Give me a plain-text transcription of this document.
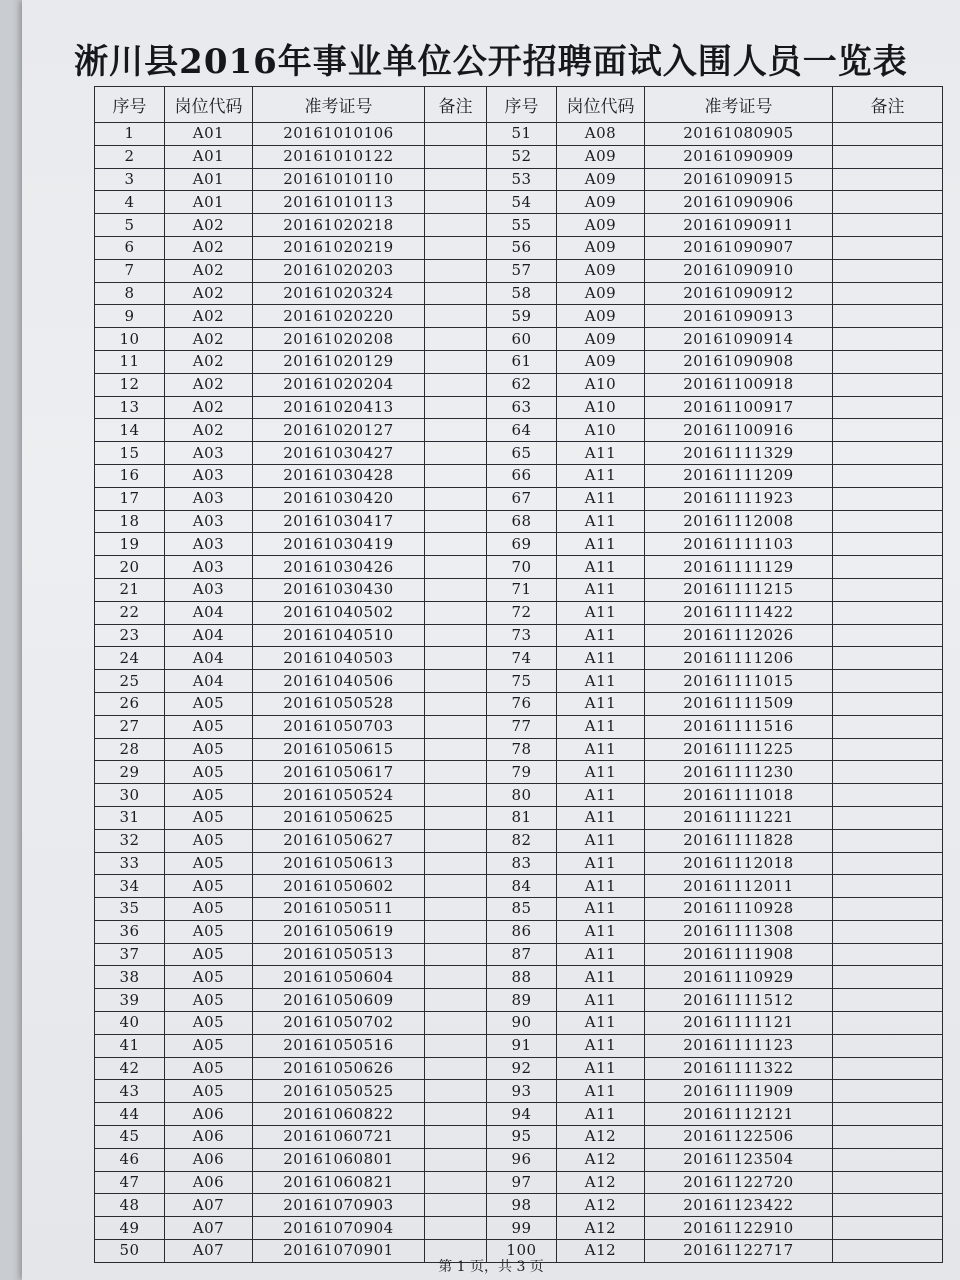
淅川县2016年事业单位公开招聘面试入围人员一览表
序号	岗位代码	准考证号	备注	序号	岗位代码	准考证号	备注
1	A01	20161010106		51	A08	20161080905	
2	A01	20161010122		52	A09	20161090909	
3	A01	20161010110		53	A09	20161090915	
4	A01	20161010113		54	A09	20161090906	
5	A02	20161020218		55	A09	20161090911	
6	A02	20161020219		56	A09	20161090907	
7	A02	20161020203		57	A09	20161090910	
8	A02	20161020324		58	A09	20161090912	
9	A02	20161020220		59	A09	20161090913	
10	A02	20161020208		60	A09	20161090914	
11	A02	20161020129		61	A09	20161090908	
12	A02	20161020204		62	A10	20161100918	
13	A02	20161020413		63	A10	20161100917	
14	A02	20161020127		64	A10	20161100916	
15	A03	20161030427		65	A11	20161111329	
16	A03	20161030428		66	A11	20161111209	
17	A03	20161030420		67	A11	20161111923	
18	A03	20161030417		68	A11	20161112008	
19	A03	20161030419		69	A11	20161111103	
20	A03	20161030426		70	A11	20161111129	
21	A03	20161030430		71	A11	20161111215	
22	A04	20161040502		72	A11	20161111422	
23	A04	20161040510		73	A11	20161112026	
24	A04	20161040503		74	A11	20161111206	
25	A04	20161040506		75	A11	20161111015	
26	A05	20161050528		76	A11	20161111509	
27	A05	20161050703		77	A11	20161111516	
28	A05	20161050615		78	A11	20161111225	
29	A05	20161050617		79	A11	20161111230	
30	A05	20161050524		80	A11	20161111018	
31	A05	20161050625		81	A11	20161111221	
32	A05	20161050627		82	A11	20161111828	
33	A05	20161050613		83	A11	20161112018	
34	A05	20161050602		84	A11	20161112011	
35	A05	20161050511		85	A11	20161110928	
36	A05	20161050619		86	A11	20161111308	
37	A05	20161050513		87	A11	20161111908	
38	A05	20161050604		88	A11	20161110929	
39	A05	20161050609		89	A11	20161111512	
40	A05	20161050702		90	A11	20161111121	
41	A05	20161050516		91	A11	20161111123	
42	A05	20161050626		92	A11	20161111322	
43	A05	20161050525		93	A11	20161111909	
44	A06	20161060822		94	A11	20161112121	
45	A06	20161060721		95	A12	20161122506	
46	A06	20161060801		96	A12	20161123504	
47	A06	20161060821		97	A12	20161122720	
48	A07	20161070903		98	A12	20161123422	
49	A07	20161070904		99	A12	20161122910	
50	A07	20161070901		100	A12	20161122717	
第 1 页，共 3 页
